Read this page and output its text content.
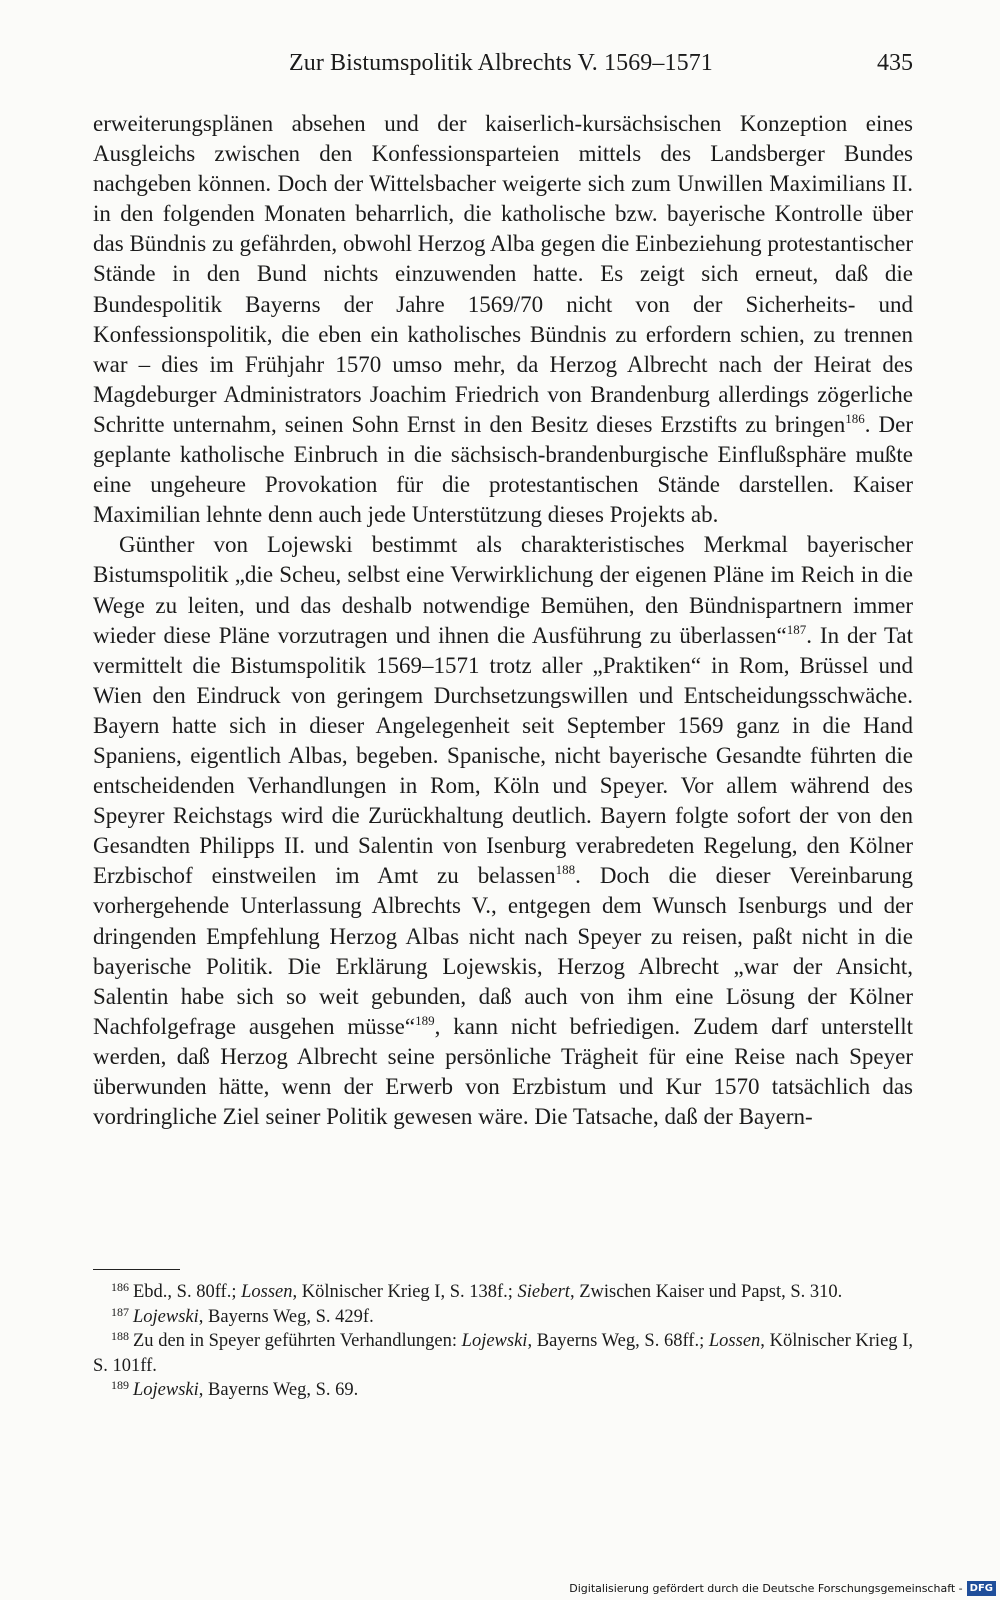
Zur Bistumspolitik Albrechts V. 1569–1571	435

erweiterungsplänen absehen und der kaiserlich-kursächsischen Konzeption eines Ausgleichs zwischen den Konfessionsparteien mittels des Landsberger Bundes nachgeben können. Doch der Wittelsbacher weigerte sich zum Unwillen Maximilians II. in den folgenden Monaten beharrlich, die katholische bzw. bayerische Kontrolle über das Bündnis zu gefährden, obwohl Herzog Alba gegen die Einbeziehung protestantischer Stände in den Bund nichts einzuwenden hatte. Es zeigt sich erneut, daß die Bundespolitik Bayerns der Jahre 1569/70 nicht von der Sicherheits- und Konfessionspolitik, die eben ein katholisches Bündnis zu erfordern schien, zu trennen war – dies im Frühjahr 1570 umso mehr, da Herzog Albrecht nach der Heirat des Magdeburger Administrators Joachim Friedrich von Brandenburg allerdings zögerliche Schritte unternahm, seinen Sohn Ernst in den Besitz dieses Erzstifts zu bringen$^{186}$. Der geplante katholische Einbruch in die sächsisch-brandenburgische Einflußsphäre mußte eine ungeheure Provokation für die protestantischen Stände darstellen. Kaiser Maximilian lehnte denn auch jede Unterstützung dieses Projekts ab.

Günther von Lojewski bestimmt als charakteristisches Merkmal bayerischer Bistumspolitik „die Scheu, selbst eine Verwirklichung der eigenen Pläne im Reich in die Wege zu leiten, und das deshalb notwendige Bemühen, den Bündnispartnern immer wieder diese Pläne vorzutragen und ihnen die Ausführung zu überlassen“$^{187}$. In der Tat vermittelt die Bistumspolitik 1569–1571 trotz aller „Praktiken“ in Rom, Brüssel und Wien den Eindruck von geringem Durchsetzungswillen und Entscheidungsschwäche. Bayern hatte sich in dieser Angelegenheit seit September 1569 ganz in die Hand Spaniens, eigentlich Albas, begeben. Spanische, nicht bayerische Gesandte führten die entscheidenden Verhandlungen in Rom, Köln und Speyer. Vor allem während des Speyrer Reichstags wird die Zurückhaltung deutlich. Bayern folgte sofort der von den Gesandten Philipps II. und Salentin von Isenburg verabredeten Regelung, den Kölner Erzbischof einstweilen im Amt zu belassen$^{188}$. Doch die dieser Vereinbarung vorhergehende Unterlassung Albrechts V., entgegen dem Wunsch Isenburgs und der dringenden Empfehlung Herzog Albas nicht nach Speyer zu reisen, paßt nicht in die bayerische Politik. Die Erklärung Lojewskis, Herzog Albrecht „war der Ansicht, Salentin habe sich so weit gebunden, daß auch von ihm eine Lösung der Kölner Nachfolgefrage ausgehen müsse“$^{189}$, kann nicht befriedigen. Zudem darf unterstellt werden, daß Herzog Albrecht seine persönliche Trägheit für eine Reise nach Speyer überwunden hätte, wenn der Erwerb von Erzbistum und Kur 1570 tatsächlich das vordringliche Ziel seiner Politik gewesen wäre. Die Tatsache, daß der Bayern-

$^{186}$ Ebd., S. 80ff.; Lossen, Kölnischer Krieg I, S. 138f.; Siebert, Zwischen Kaiser und Papst, S. 310.

$^{187}$ Lojewski, Bayerns Weg, S. 429f.

$^{188}$ Zu den in Speyer geführten Verhandlungen: Lojewski, Bayerns Weg, S. 68ff.; Lossen, Kölnischer Krieg I, S. 101ff.

$^{189}$ Lojewski, Bayerns Weg, S. 69.

Digitalisierung gefördert durch die Deutsche Forschungsgemeinschaft - DFG
